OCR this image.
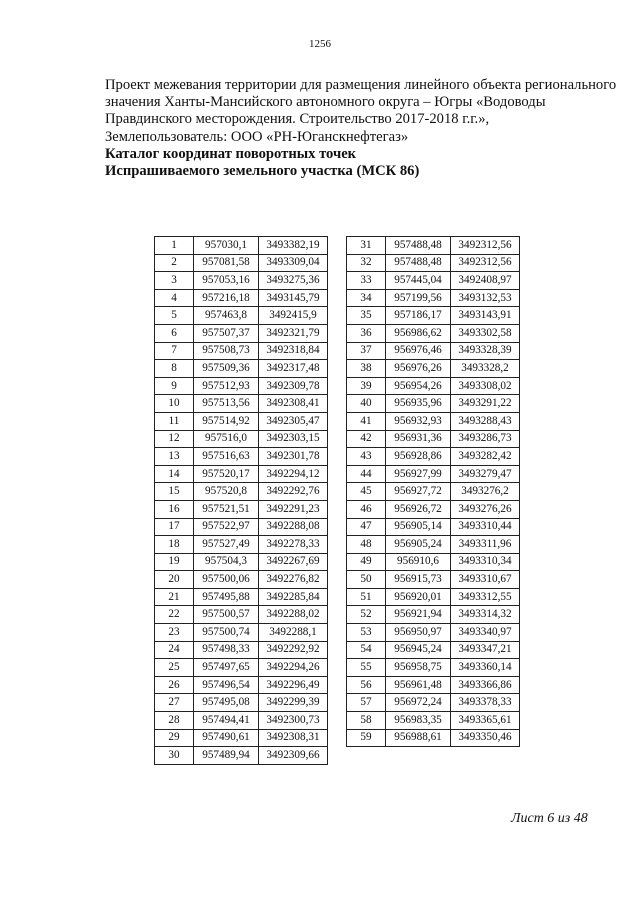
1256
Проект межевания территории для размещения линейного объекта регионального
значения Ханты-Мансийского автономного округа – Югры «Водоводы
Правдинского месторождения. Строительство 2017-2018 г.г.»,
Землепользователь: ООО «РН-Юганскнефтегаз»
Каталог координат поворотных точек
Испрашиваемого земельного участка (МСК 86)
1	957030,1	3493382,19
2	957081,58	3493309,04
3	957053,16	3493275,36
4	957216,18	3493145,79
5	957463,8	3492415,9
6	957507,37	3492321,79
7	957508,73	3492318,84
8	957509,36	3492317,48
9	957512,93	3492309,78
10	957513,56	3492308,41
11	957514,92	3492305,47
12	957516,0	3492303,15
13	957516,63	3492301,78
14	957520,17	3492294,12
15	957520,8	3492292,76
16	957521,51	3492291,23
17	957522,97	3492288,08
18	957527,49	3492278,33
19	957504,3	3492267,69
20	957500,06	3492276,82
21	957495,88	3492285,84
22	957500,57	3492288,02
23	957500,74	3492288,1
24	957498,33	3492292,92
25	957497,65	3492294,26
26	957496,54	3492296,49
27	957495,08	3492299,39
28	957494,41	3492300,73
29	957490,61	3492308,31
30	957489,94	3492309,66
31	957488,48	3492312,56
32	957488,48	3492312,56
33	957445,04	3492408,97
34	957199,56	3493132,53
35	957186,17	3493143,91
36	956986,62	3493302,58
37	956976,46	3493328,39
38	956976,26	3493328,2
39	956954,26	3493308,02
40	956935,96	3493291,22
41	956932,93	3493288,43
42	956931,36	3493286,73
43	956928,86	3493282,42
44	956927,99	3493279,47
45	956927,72	3493276,2
46	956926,72	3493276,26
47	956905,14	3493310,44
48	956905,24	3493311,96
49	956910,6	3493310,34
50	956915,73	3493310,67
51	956920,01	3493312,55
52	956921,94	3493314,32
53	956950,97	3493340,97
54	956945,24	3493347,21
55	956958,75	3493360,14
56	956961,48	3493366,86
57	956972,24	3493378,33
58	956983,35	3493365,61
59	956988,61	3493350,46
Лист 6 из 48
